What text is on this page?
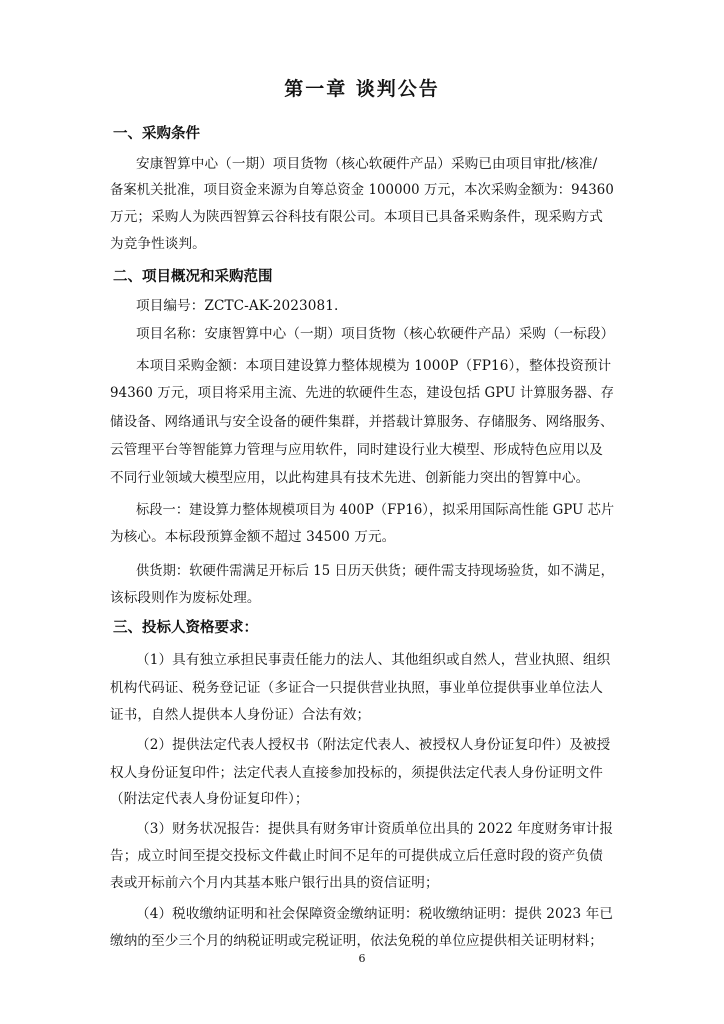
第一章 谈判公告
一、采购条件
安康智算中心（一期）项目货物（核心软硬件产品）采购已由项目审批/核准/
备案机关批准，项目资金来源为自筹总资金 100000 万元，本次采购金额为：94360
万元；采购人为陕西智算云谷科技有限公司。本项目已具备采购条件，现采购方式
为竞争性谈判。
二、项目概况和采购范围
项目编号：ZCTC-AK-2023081.
项目名称：安康智算中心（一期）项目货物（核心软硬件产品）采购（一标段）
本项目采购金额：本项目建设算力整体规模为 1000P（FP16），整体投资预计
94360 万元，项目将采用主流、先进的软硬件生态，建设包括 GPU 计算服务器、存
储设备、网络通讯与安全设备的硬件集群，并搭载计算服务、存储服务、网络服务、
云管理平台等智能算力管理与应用软件，同时建设行业大模型、形成特色应用以及
不同行业领域大模型应用，以此构建具有技术先进、创新能力突出的智算中心。
标段一：建设算力整体规模项目为 400P（FP16），拟采用国际高性能 GPU 芯片
为核心。本标段预算金额不超过 34500 万元。
供货期：软硬件需满足开标后 15 日历天供货；硬件需支持现场验货，如不满足，
该标段则作为废标处理。
三、投标人资格要求：
（1）具有独立承担民事责任能力的法人、其他组织或自然人，营业执照、组织
机构代码证、税务登记证（多证合一只提供营业执照，事业单位提供事业单位法人
证书，自然人提供本人身份证）合法有效；
（2）提供法定代表人授权书（附法定代表人、被授权人身份证复印件）及被授
权人身份证复印件；法定代表人直接参加投标的，须提供法定代表人身份证明文件
（附法定代表人身份证复印件）；
（3）财务状况报告：提供具有财务审计资质单位出具的 2022 年度财务审计报
告；成立时间至提交投标文件截止时间不足年的可提供成立后任意时段的资产负债
表或开标前六个月内其基本账户银行出具的资信证明；
（4）税收缴纳证明和社会保障资金缴纳证明：税收缴纳证明：提供 2023 年已
缴纳的至少三个月的纳税证明或完税证明，依法免税的单位应提供相关证明材料；
6
